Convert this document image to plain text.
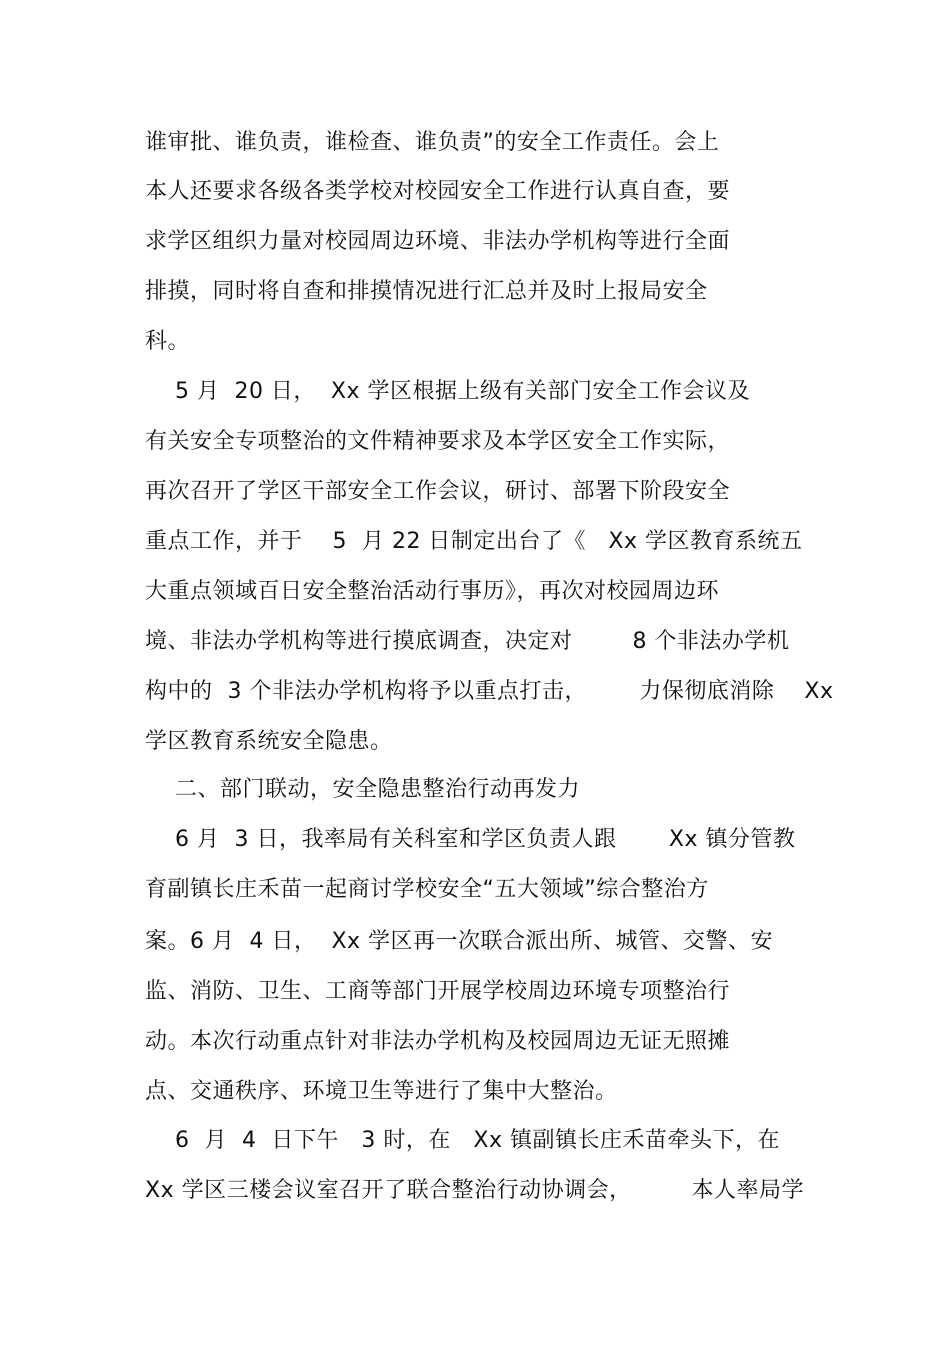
谁审批、谁负责，谁检查、谁负责”的安全工作责任。会上
本人还要求各级各类学校对校园安全工作进行认真自查，要
求学区组织力量对校园周边环境、非法办学机构等进行全面
排摸，同时将自查和排摸情况进行汇总并及时上报局安全
科。
5 月  20 日，  Xx 学区根据上级有关部门安全工作会议及
有关安全专项整治的文件精神要求及本学区安全工作实际，
再次召开了学区干部安全工作会议，研讨、部署下阶段安全
重点工作，并于    5  月 22 日制定出台了《   Xx 学区教育系统五
大重点领域百日安全整治活动行事历》，再次对校园周边环
境、非法办学机构等进行摸底调查，决定对        8 个非法办学机
构中的  3 个非法办学机构将予以重点打击，       力保彻底消除    Xx
学区教育系统安全隐患。
二、部门联动，安全隐患整治行动再发力
6 月  3 日，我率局有关科室和学区负责人跟       Xx 镇分管教
育副镇长庄禾苗一起商讨学校安全“五大领域”综合整治方
案。6 月  4 日，  Xx 学区再一次联合派出所、城管、交警、安
监、消防、卫生、工商等部门开展学校周边环境专项整治行
动。本次行动重点针对非法办学机构及校园周边无证无照摊
点、交通秩序、环境卫生等进行了集中大整治。
6  月  4  日下午   3 时，在   Xx 镇副镇长庄禾苗牵头下，在
Xx 学区三楼会议室召开了联合整治行动协调会，        本人率局学
